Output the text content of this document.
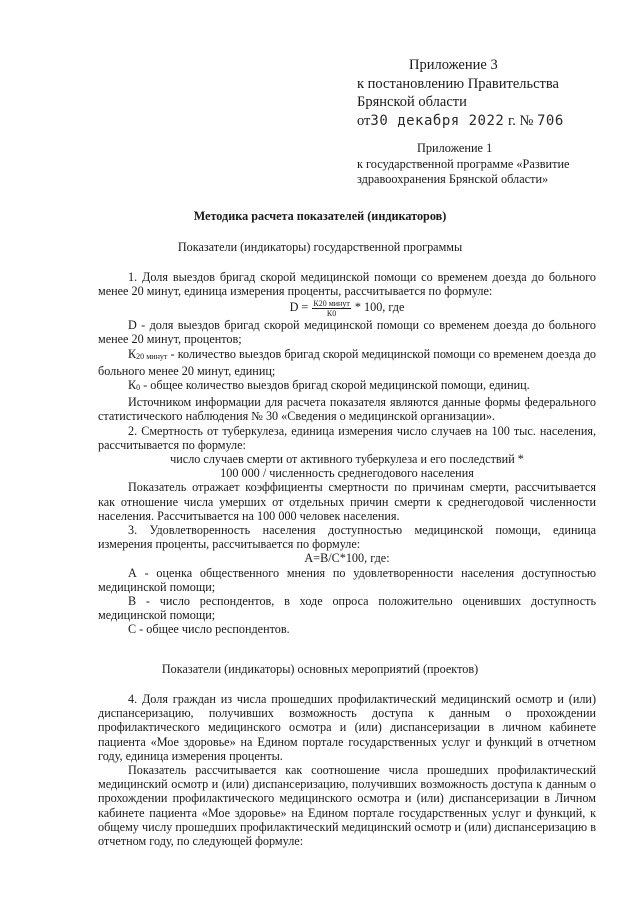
Приложение 3
к постановлению Правительства
Брянской области
от30 декабря 2022 г. № 706
Приложение 1
к государственной программе «Развитие
здравоохранения Брянской области»
Методика расчета показателей (индикаторов)
Показатели (индикаторы) государственной программы

1. Доля выездов бригад скорой медицинской помощи со временем доезда до больного менее 20 минут, единица измерения проценты, рассчитывается по формуле:

$D = \frac{\text{К20 минут}}{К0} * 100$, где

D - доля выездов бригад скорой медицинской помощи со временем доезда до больного менее 20 минут, процентов;

К20 минут - количество выездов бригад скорой медицинской помощи со временем доезда до больного менее 20 минут, единиц;

К0 - общее количество выездов бригад скорой медицинской помощи, единиц.

Источником информации для расчета показателя являются данные формы федерального статистического наблюдения № 30 «Сведения о медицинской организации».

2. Смертность от туберкулеза, единица измерения число случаев на 100 тыс. населения, рассчитывается по формуле:

число случаев смерти от активного туберкулеза и его последствий *

100 000 / численность среднегодового населения

Показатель отражает коэффициенты смертности по причинам смерти, рассчитывается как отношение числа умерших от отдельных причин смерти к среднегодовой численности населения. Рассчитывается на 100 000 человек населения.

3. Удовлетворенность населения доступностью медицинской помощи, единица измерения проценты, рассчитывается по формуле:

А=В/С*100, где:

А - оценка общественного мнения по удовлетворенности населения доступностью медицинской помощи;

В - число респондентов, в ходе опроса положительно оценивших доступность медицинской помощи;

С - общее число респондентов.

Показатели (индикаторы) основных мероприятий (проектов)

4. Доля граждан из числа прошедших профилактический медицинский осмотр и (или) диспансеризацию, получивших возможность доступа к данным о прохождении профилактического медицинского осмотра и (или) диспансеризации в личном кабинете пациента «Мое здоровье» на Едином портале государственных услуг и функций в отчетном году, единица измерения проценты.

Показатель рассчитывается как соотношение числа прошедших профилактический медицинский осмотр и (или) диспансеризацию, получивших возможность доступа к данным о прохождении профилактического медицинского осмотра и (или) диспансеризации в Личном кабинете пациента «Мое здоровье» на Едином портале государственных услуг и функций, к общему числу прошедших профилактический медицинский осмотр и (или) диспансеризацию в отчетном году, по следующей формуле:
